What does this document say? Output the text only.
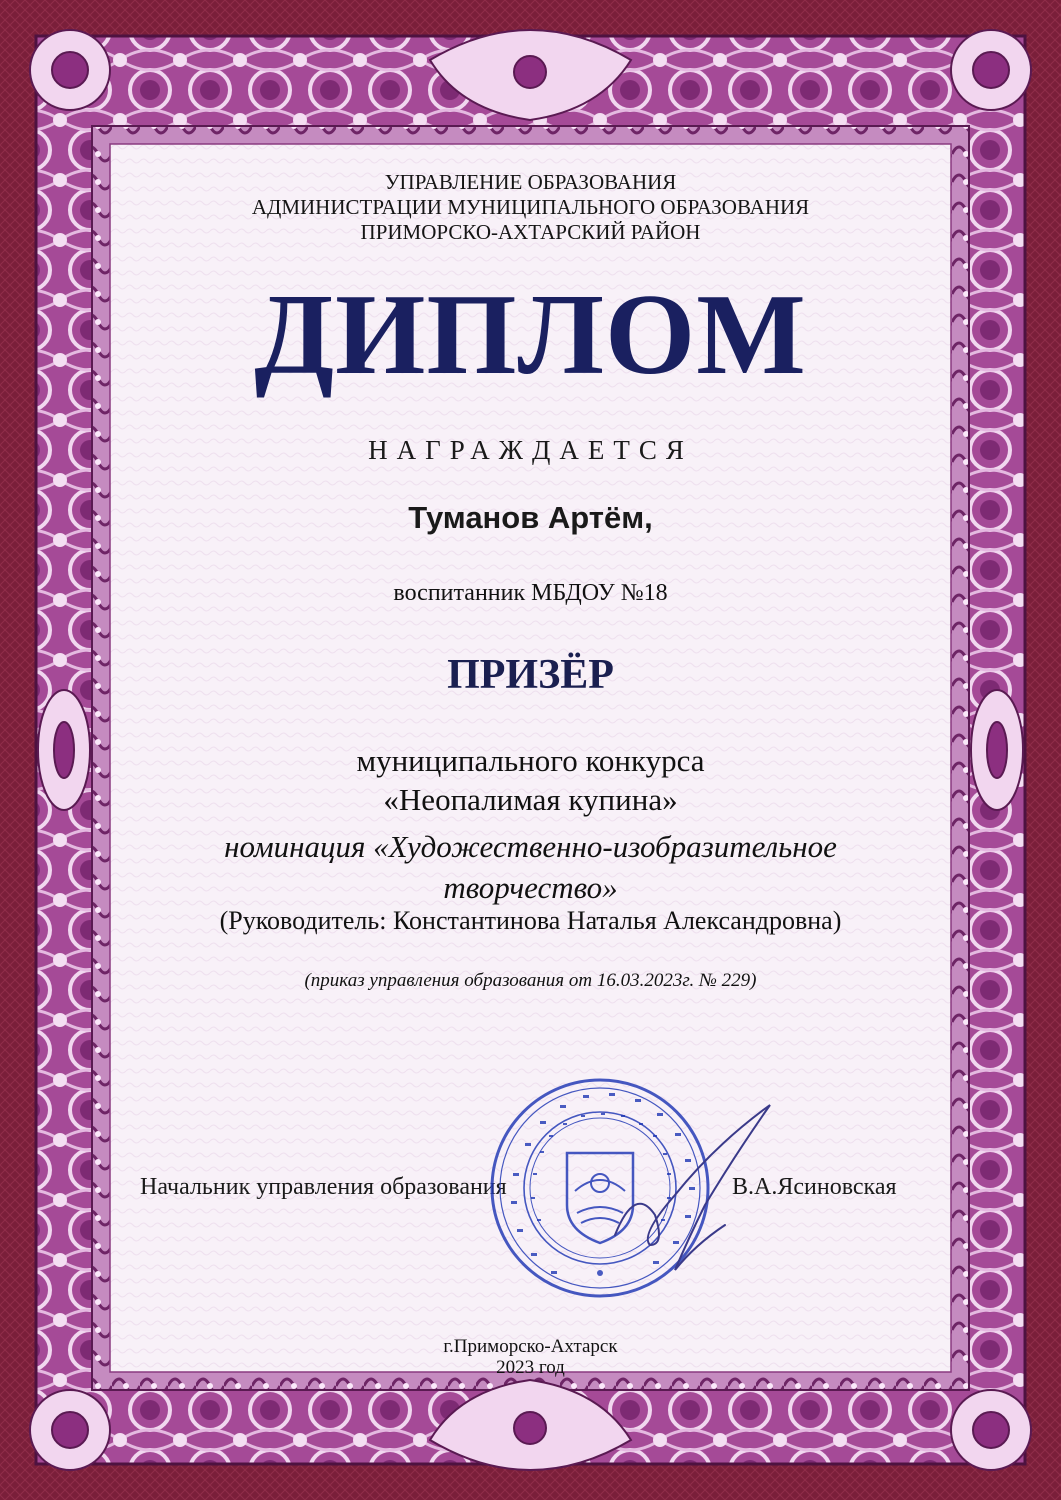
УПРАВЛЕНИЕ ОБРАЗОВАНИЯ
АДМИНИСТРАЦИИ МУНИЦИПАЛЬНОГО ОБРАЗОВАНИЯ
ПРИМОРСКО-АХТАРСКИЙ РАЙОН
ДИПЛОМ
НАГРАЖДАЕТСЯ
Туманов Артём,
воспитанник МБДОУ №18
ПРИЗЁР
муниципального конкурса
«Неопалимая купина»
номинация «Художественно-изобразительное
творчество»
(Руководитель: Константинова Наталья Александровна)
(приказ управления образования от 16.03.2023г. № 229)
Начальник управления образования	В.А.Ясиновская
г.Приморско-Ахтарск
2023 год
